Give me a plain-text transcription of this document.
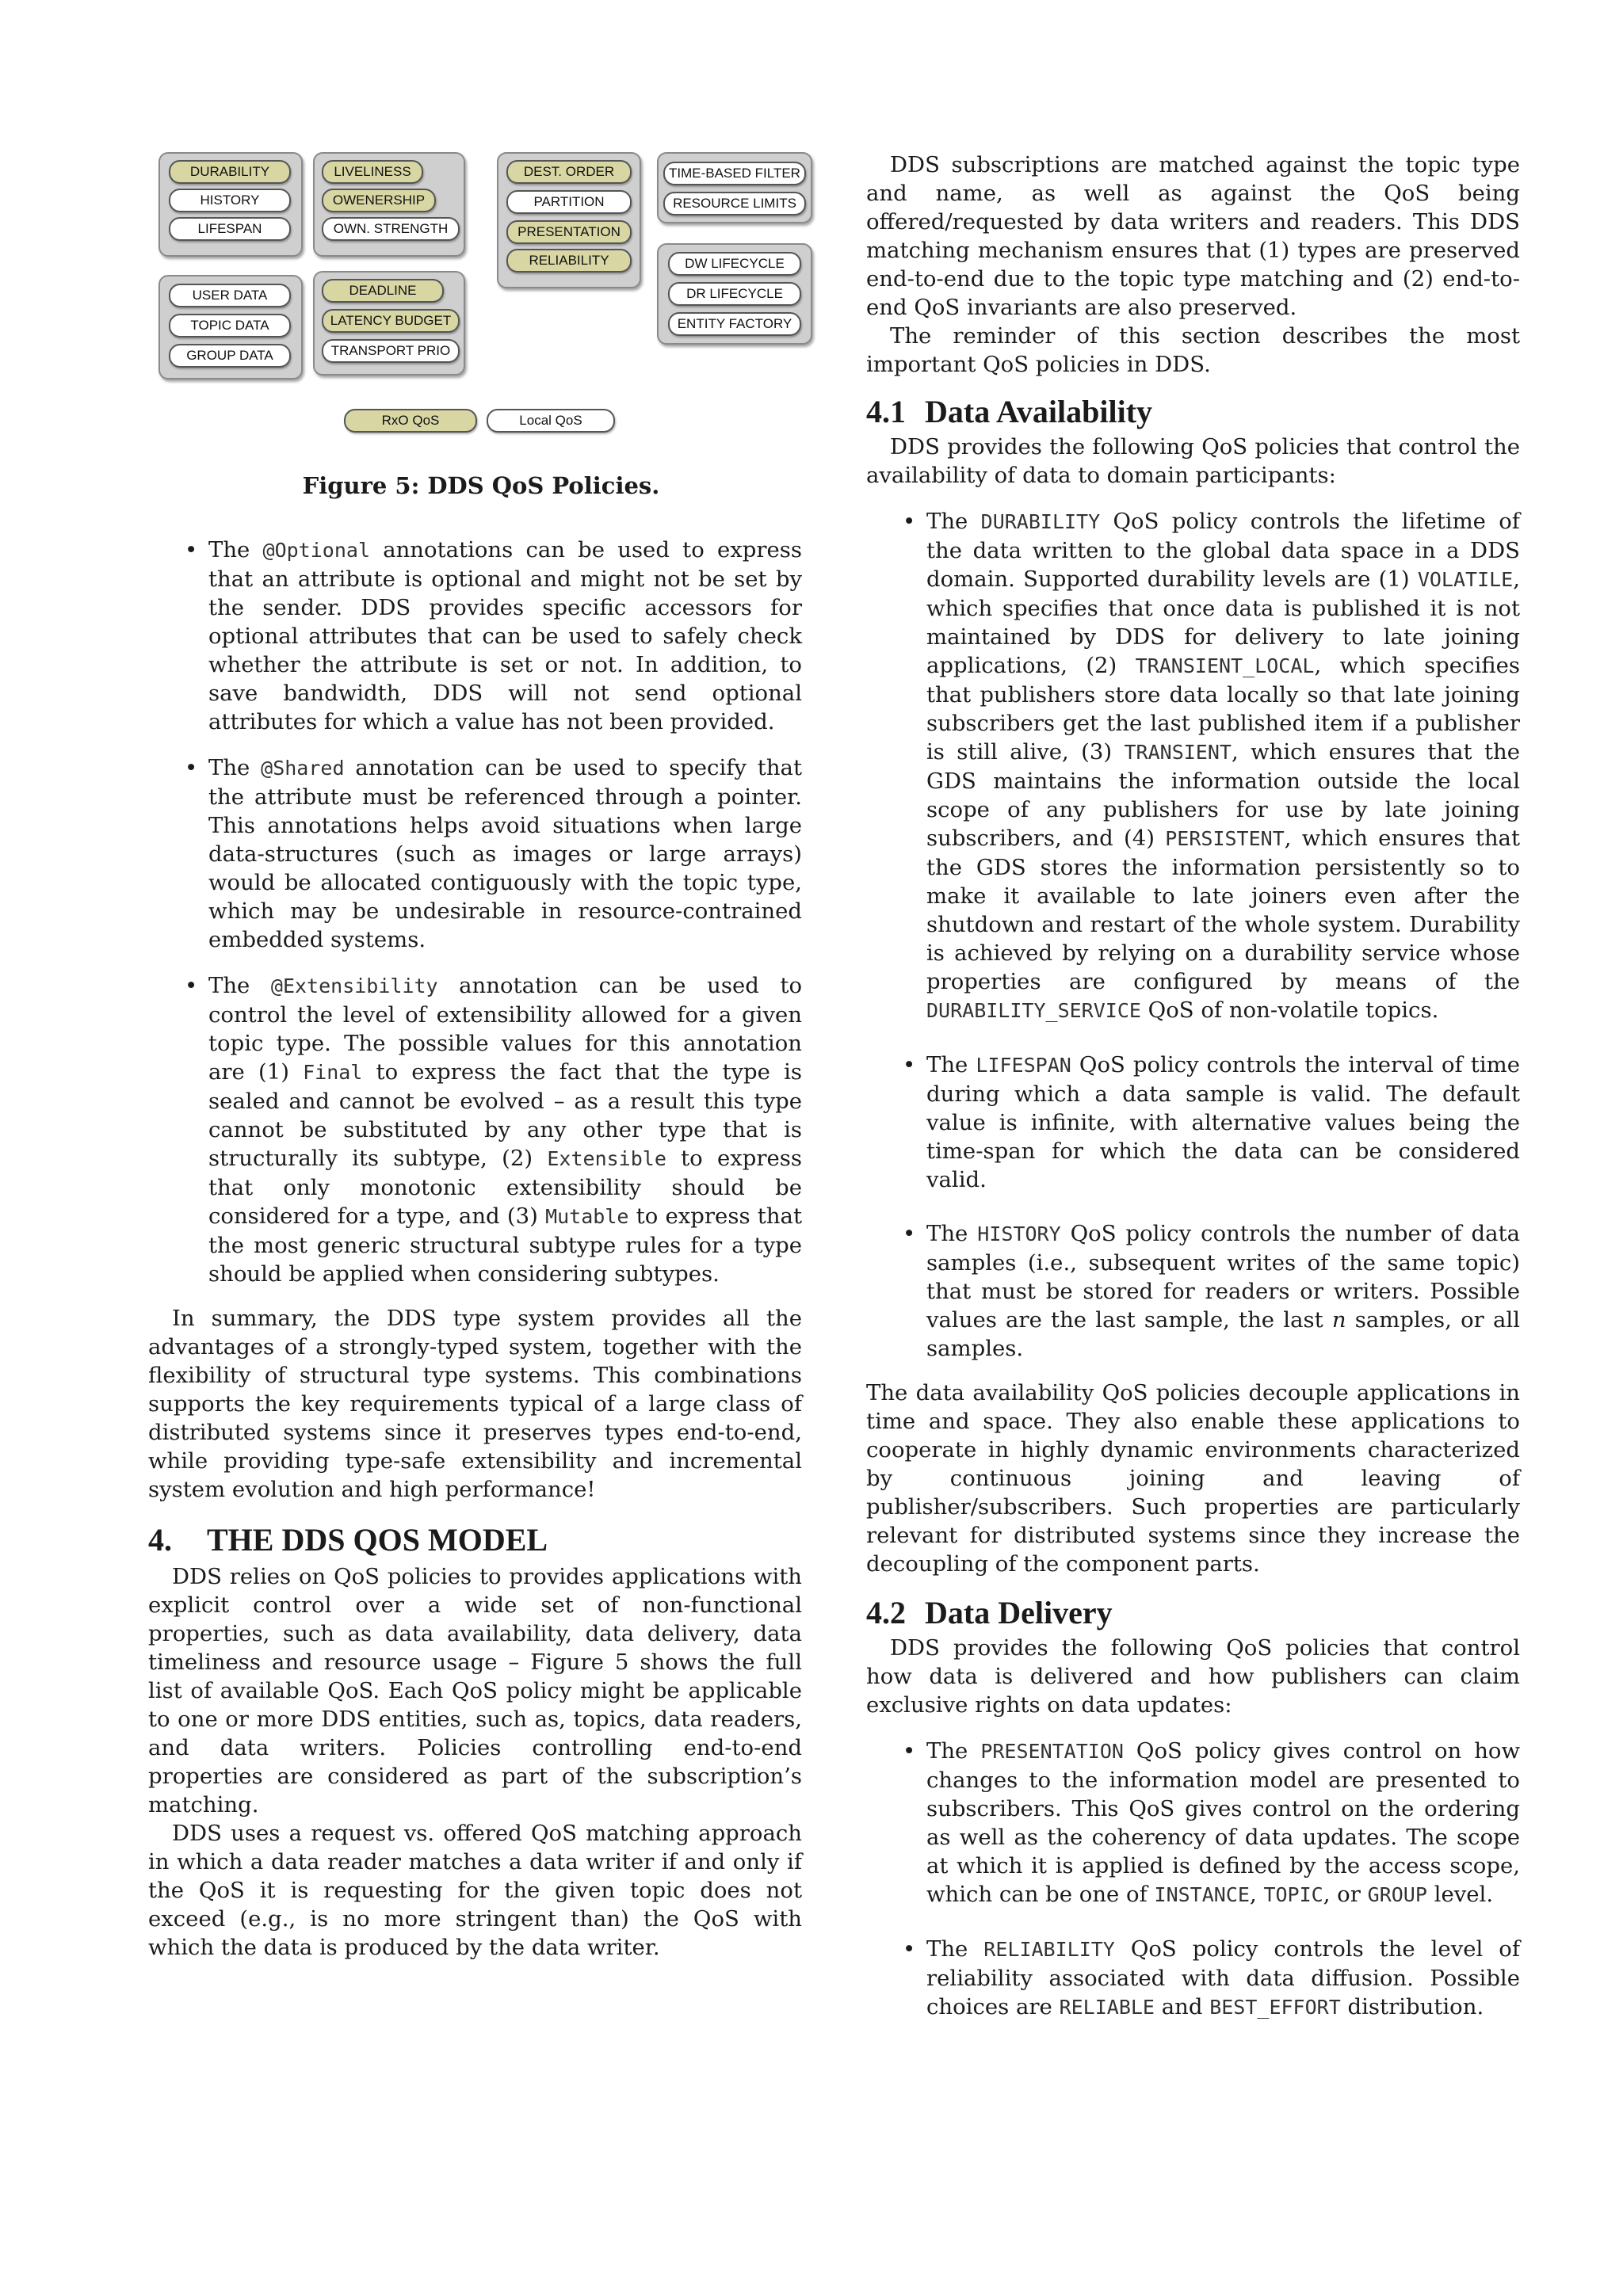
DURABILITY
HISTORY
LIFESPAN
LIVELINESS
OWENERSHIP
OWN. STRENGTH
DEST. ORDER
PARTITION
PRESENTATION
RELIABILITY
TIME-BASED FILTER
RESOURCE LIMITS
USER DATA
TOPIC DATA
GROUP DATA
DEADLINE
LATENCY BUDGET
TRANSPORT PRIO
DW LIFECYCLE
DR LIFECYCLE
ENTITY FACTORY
RxO QoS	Local QoS
Figure 5: DDS QoS Policies.
• The @Optional annotations can be used to express that an attribute is optional and might not be set by the sender. DDS provides specific accessors for optional attributes that can be used to safely check whether the attribute is set or not. In addition, to save bandwidth, DDS will not send optional attributes for which a value has not been provided.

• The @Shared annotation can be used to specify that the attribute must be referenced through a pointer. This annotations helps avoid situations when large data-structures (such as images or large arrays) would be allocated contiguously with the topic type, which may be undesirable in resource-contrained embedded systems.

• The @Extensibility annotation can be used to control the level of extensibility allowed for a given topic type. The possible values for this annotation are (1) Final to express the fact that the type is sealed and cannot be evolved – as a result this type cannot be substituted by any other type that is structurally its subtype, (2) Extensible to express that only monotonic extensibility should be considered for a type, and (3) Mutable to express that the most generic structural subtype rules for a type should be applied when considering subtypes.

In summary, the DDS type system provides all the advantages of a strongly-typed system, together with the flexibility of structural type systems. This combinations supports the key requirements typical of a large class of distributed systems since it preserves types end-to-end, while providing type-safe extensibility and incremental system evolution and high performance!

4. THE DDS QOS MODEL

DDS relies on QoS policies to provides applications with explicit control over a wide set of non-functional properties, such as data availability, data delivery, data timeliness and resource usage – Figure 5 shows the full list of available QoS. Each QoS policy might be applicable to one or more DDS entities, such as, topics, data readers, and data writers. Policies controlling end-to-end properties are considered as part of the subscription’s matching.

DDS uses a request vs. offered QoS matching approach in which a data reader matches a data writer if and only if the QoS it is requesting for the given topic does not exceed (e.g., is no more stringent than) the QoS with which the data is produced by the data writer.

DDS subscriptions are matched against the topic type and name, as well as against the QoS being offered/requested by data writers and readers. This DDS matching mechanism ensures that (1) types are preserved end-to-end due to the topic type matching and (2) end-to-end QoS invariants are also preserved.

The reminder of this section describes the most important QoS policies in DDS.

4.1 Data Availability

DDS provides the following QoS policies that control the availability of data to domain participants:

• The DURABILITY QoS policy controls the lifetime of the data written to the global data space in a DDS domain. Supported durability levels are (1) VOLATILE, which specifies that once data is published it is not maintained by DDS for delivery to late joining applications, (2) TRANSIENT_LOCAL, which specifies that publishers store data locally so that late joining subscribers get the last published item if a publisher is still alive, (3) TRANSIENT, which ensures that the GDS maintains the information outside the local scope of any publishers for use by late joining subscribers, and (4) PERSISTENT, which ensures that the GDS stores the information persistently so to make it available to late joiners even after the shutdown and restart of the whole system. Durability is achieved by relying on a durability service whose properties are configured by means of the DURABILITY_SERVICE QoS of non-volatile topics.

• The LIFESPAN QoS policy controls the interval of time during which a data sample is valid. The default value is infinite, with alternative values being the time-span for which the data can be considered valid.

• The HISTORY QoS policy controls the number of data samples (i.e., subsequent writes of the same topic) that must be stored for readers or writers. Possible values are the last sample, the last n samples, or all samples.

The data availability QoS policies decouple applications in time and space. They also enable these applications to cooperate in highly dynamic environments characterized by continuous joining and leaving of publisher/subscribers. Such properties are particularly relevant for distributed systems since they increase the decoupling of the component parts.

4.2 Data Delivery

DDS provides the following QoS policies that control how data is delivered and how publishers can claim exclusive rights on data updates:

• The PRESENTATION QoS policy gives control on how changes to the information model are presented to subscribers. This QoS gives control on the ordering as well as the coherency of data updates. The scope at which it is applied is defined by the access scope, which can be one of INSTANCE, TOPIC, or GROUP level.

• The RELIABILITY QoS policy controls the level of reliability associated with data diffusion. Possible choices are RELIABLE and BEST_EFFORT distribution.
